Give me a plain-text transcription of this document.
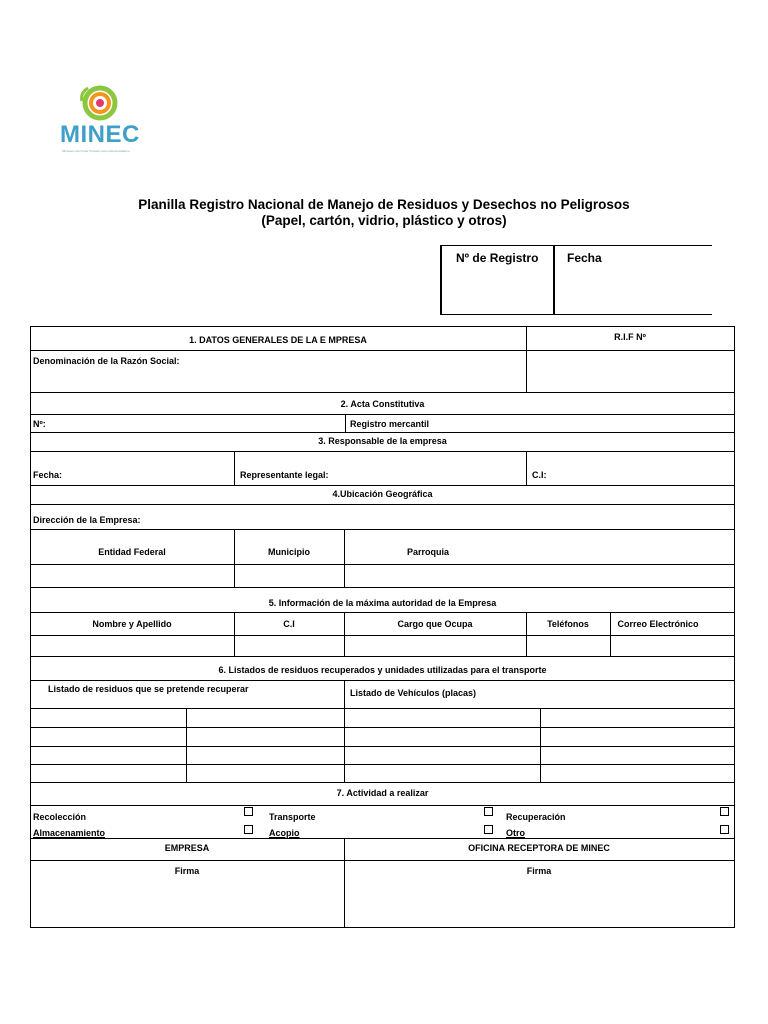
MINEC
Ministerio del Poder Popular para el Ecosocialismo
Planilla Registro Nacional de Manejo de Residuos y Desechos no Peligrosos
(Papel, cartón, vidrio, plástico y otros)
Nº de Registro Fecha
1. DATOS GENERALES DE LA E MPRESA	R.I.F Nº
Denominación de la Razón Social:
2. Acta Constitutiva
Nº:	Registro mercantil
3. Responsable de la empresa
Fecha:	Representante legal:	C.I:
4.Ubicación Geográfica
Dirección de la Empresa:
Entidad Federal	Municipio	Parroquia
5. Información de la máxima autoridad de la Empresa
Nombre y Apellido	C.I	Cargo que Ocupa	Teléfonos	Correo Electrónico
6. Listados de residuos recuperados y unidades utilizadas para el transporte
Listado de residuos que se pretende recuperar	Listado de Vehículos (placas)
7. Actividad a realizar
Recolección	Transporte	Recuperación
Almacenamiento	Acopio	Otro
EMPRESA	OFICINA RECEPTORA DE MINEC
Firma	Firma
